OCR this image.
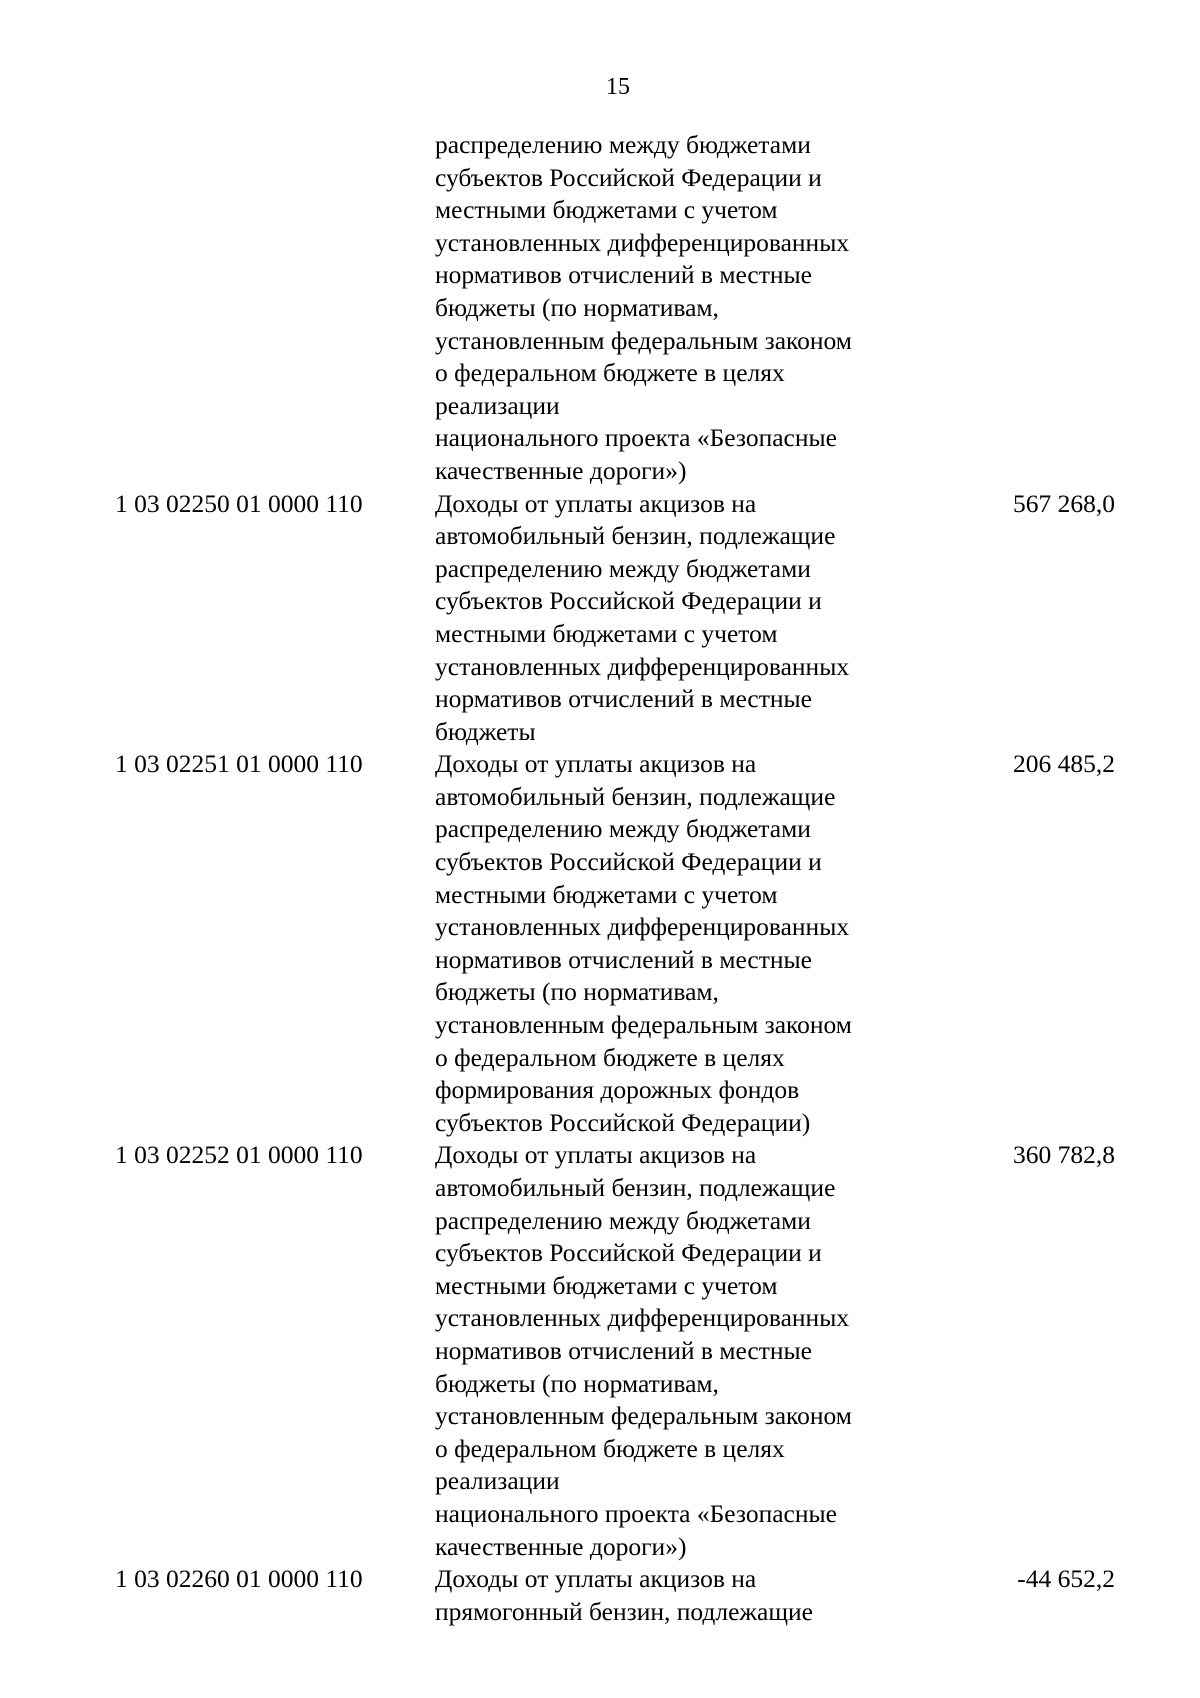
15
распределению между бюджетами
субъектов Российской Федерации и
местными бюджетами с учетом
установленных дифференцированных
нормативов отчислений в местные
бюджеты (по нормативам,
установленным федеральным законом
о федеральном бюджете в целях
реализации
национального проекта «Безопасные
качественные дороги»)
1 03 02250 01 0000 110	Доходы от уплаты акцизов на
автомобильный бензин, подлежащие
распределению между бюджетами
субъектов Российской Федерации и
местными бюджетами с учетом
установленных дифференцированных
нормативов отчислений в местные
бюджеты
567 268,0
1 03 02251 01 0000 110	Доходы от уплаты акцизов на
автомобильный бензин, подлежащие
распределению между бюджетами
субъектов Российской Федерации и
местными бюджетами с учетом
установленных дифференцированных
нормативов отчислений в местные
бюджеты (по нормативам,
установленным федеральным законом
о федеральном бюджете в целях
формирования дорожных фондов
субъектов Российской Федерации)
206 485,2
1 03 02252 01 0000 110	Доходы от уплаты акцизов на
автомобильный бензин, подлежащие
распределению между бюджетами
субъектов Российской Федерации и
местными бюджетами с учетом
установленных дифференцированных
нормативов отчислений в местные
бюджеты (по нормативам,
установленным федеральным законом
о федеральном бюджете в целях
реализации
национального проекта «Безопасные
качественные дороги»)
360 782,8
1 03 02260 01 0000 110	Доходы от уплаты акцизов на
прямогонный бензин, подлежащие
-44 652,2
